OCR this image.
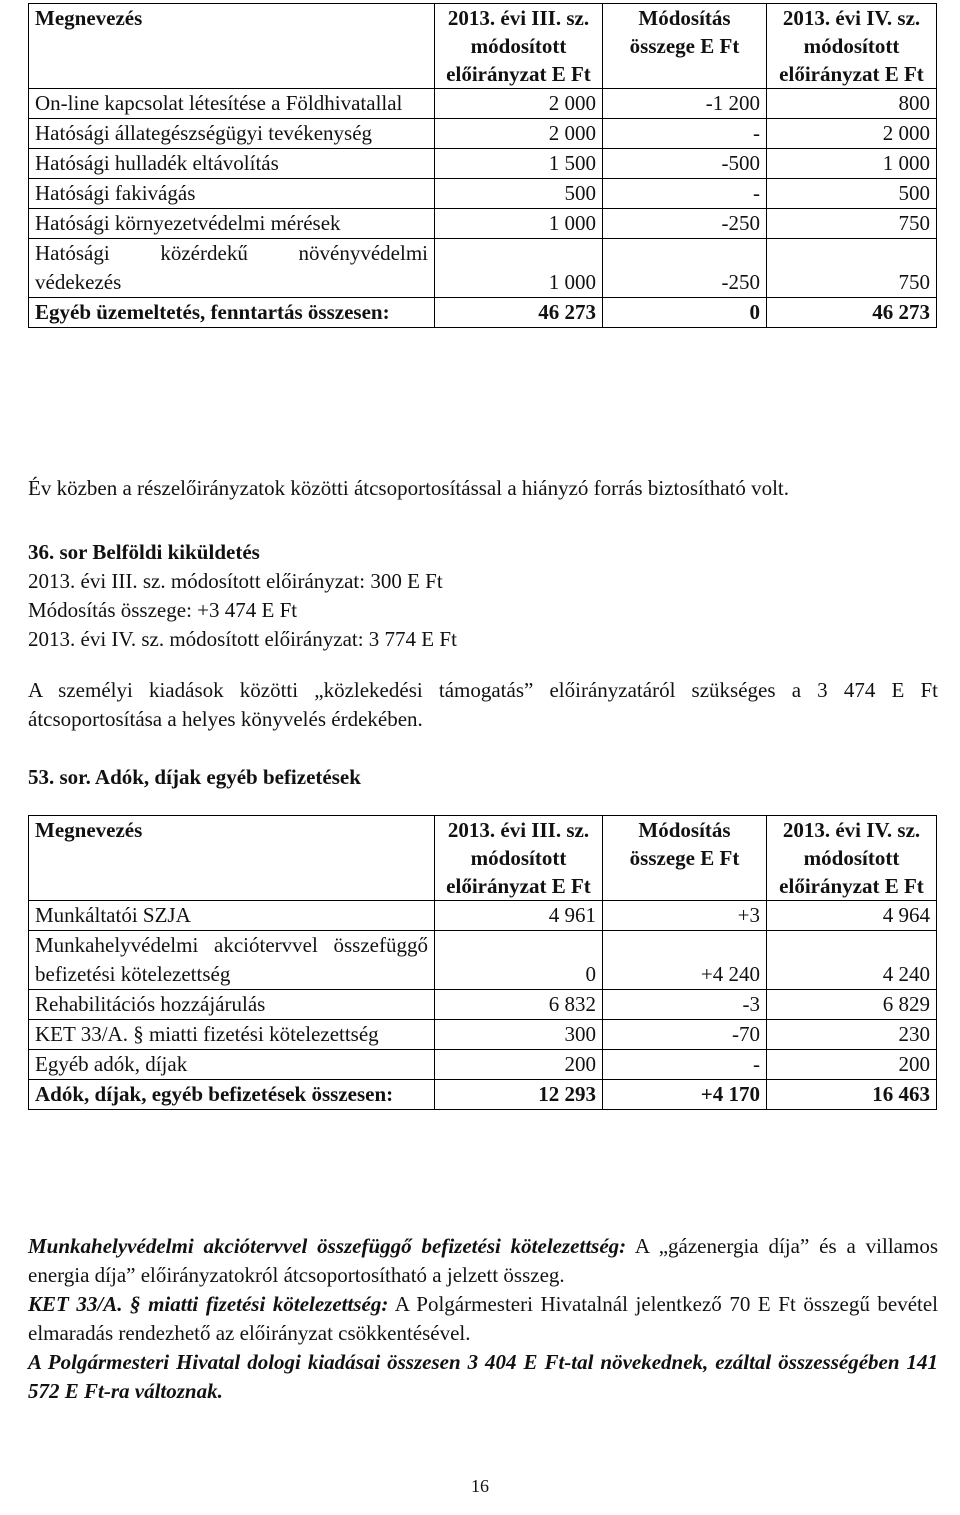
Megnevezés	2013. évi III. sz. módosított előirányzat E Ft	Módosítás összege E Ft	2013. évi IV. sz. módosított előirányzat E Ft
On-line kapcsolat létesítése a Földhivatallal	2 000	-1 200	800
Hatósági állategészségügyi tevékenység	2 000	-	2 000
Hatósági hulladék eltávolítás	1 500	-500	1 000
Hatósági fakivágás	500	-	500
Hatósági környezetvédelmi mérések	1 000	-250	750
Hatósági közérdekű növényvédelmi védekezés	1 000	-250	750
Egyéb üzemeltetés, fenntartás összesen:	46 273	0	46 273

Év közben a részelőirányzatok közötti átcsoportosítással a hiányzó forrás biztosítható volt.

36. sor Belföldi kiküldetés
2013. évi III. sz. módosított előirányzat: 300 E Ft
Módosítás összege: +3 474 E Ft
2013. évi IV. sz. módosított előirányzat: 3 774 E Ft

A személyi kiadások közötti „közlekedési támogatás” előirányzatáról szükséges a 3 474 E Ft átcsoportosítása a helyes könyvelés érdekében.

53. sor. Adók, díjak egyéb befizetések
Megnevezés	2013. évi III. sz. módosított előirányzat E Ft	Módosítás összege E Ft	2013. évi IV. sz. módosított előirányzat E Ft
Munkáltatói SZJA	4 961	+3	4 964
Munkahelyvédelmi akciótervvel összefüggő befizetési kötelezettség	0	+4 240	4 240
Rehabilitációs hozzájárulás	6 832	-3	6 829
KET 33/A. § miatti fizetési kötelezettség	300	-70	230
Egyéb adók, díjak	200	-	200
Adók, díjak, egyéb befizetések összesen:	12 293	+4 170	16 463

Munkahelyvédelmi akciótervvel összefüggő befizetési kötelezettség: A „gázenergia díja” és a villamos energia díja” előirányzatokról átcsoportosítható a jelzett összeg.

KET 33/A. § miatti fizetési kötelezettség: A Polgármesteri Hivatalnál jelentkező 70 E Ft összegű bevétel elmaradás rendezhető az előirányzat csökkentésével.

A Polgármesteri Hivatal dologi kiadásai összesen 3 404 E Ft-tal növekednek, ezáltal összességében 141 572 E Ft-ra változnak.

16
